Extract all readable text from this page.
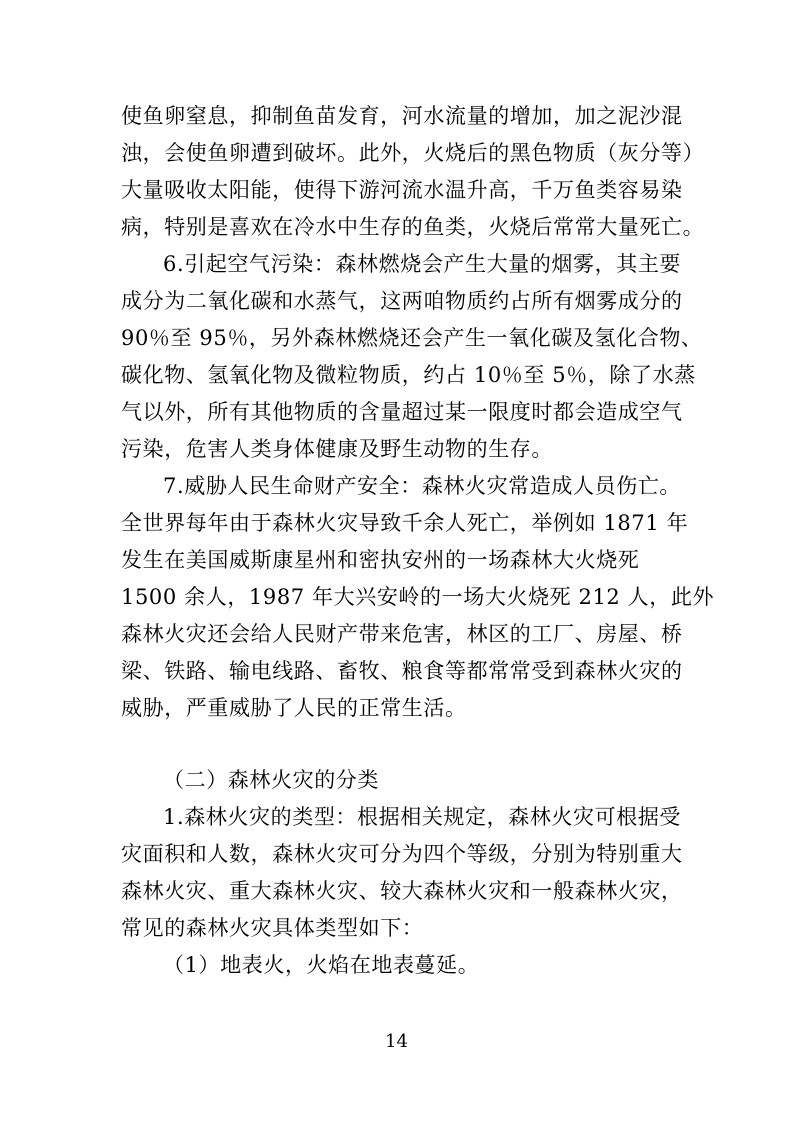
使鱼卵窒息，抑制鱼苗发育，河水流量的增加，加之泥沙混
浊，会使鱼卵遭到破坏。此外，火烧后的黑色物质（灰分等）
大量吸收太阳能，使得下游河流水温升高，千万鱼类容易染
病，特别是喜欢在冷水中生存的鱼类，火烧后常常大量死亡。
6.引起空气污染：森林燃烧会产生大量的烟雾，其主要
成分为二氧化碳和水蒸气，这两咱物质约占所有烟雾成分的
90％至 95％，另外森林燃烧还会产生一氧化碳及氢化合物、
碳化物、氢氧化物及微粒物质，约占 10％至 5％，除了水蒸
气以外，所有其他物质的含量超过某一限度时都会造成空气
污染，危害人类身体健康及野生动物的生存。
7.威胁人民生命财产安全：森林火灾常造成人员伤亡。
全世界每年由于森林火灾导致千余人死亡，举例如 1871 年
发生在美国威斯康星州和密执安州的一场森林大火烧死
1500 余人，1987 年大兴安岭的一场大火烧死 212 人，此外
森林火灾还会给人民财产带来危害，林区的工厂、房屋、桥
梁、铁路、输电线路、畜牧、粮食等都常常受到森林火灾的
威胁，严重威胁了人民的正常生活。
（二）森林火灾的分类
1.森林火灾的类型：根据相关规定，森林火灾可根据受
灾面积和人数，森林火灾可分为四个等级，分别为特别重大
森林火灾、重大森林火灾、较大森林火灾和一般森林火灾，
常见的森林火灾具体类型如下：
（1）地表火，火焰在地表蔓延。
14
